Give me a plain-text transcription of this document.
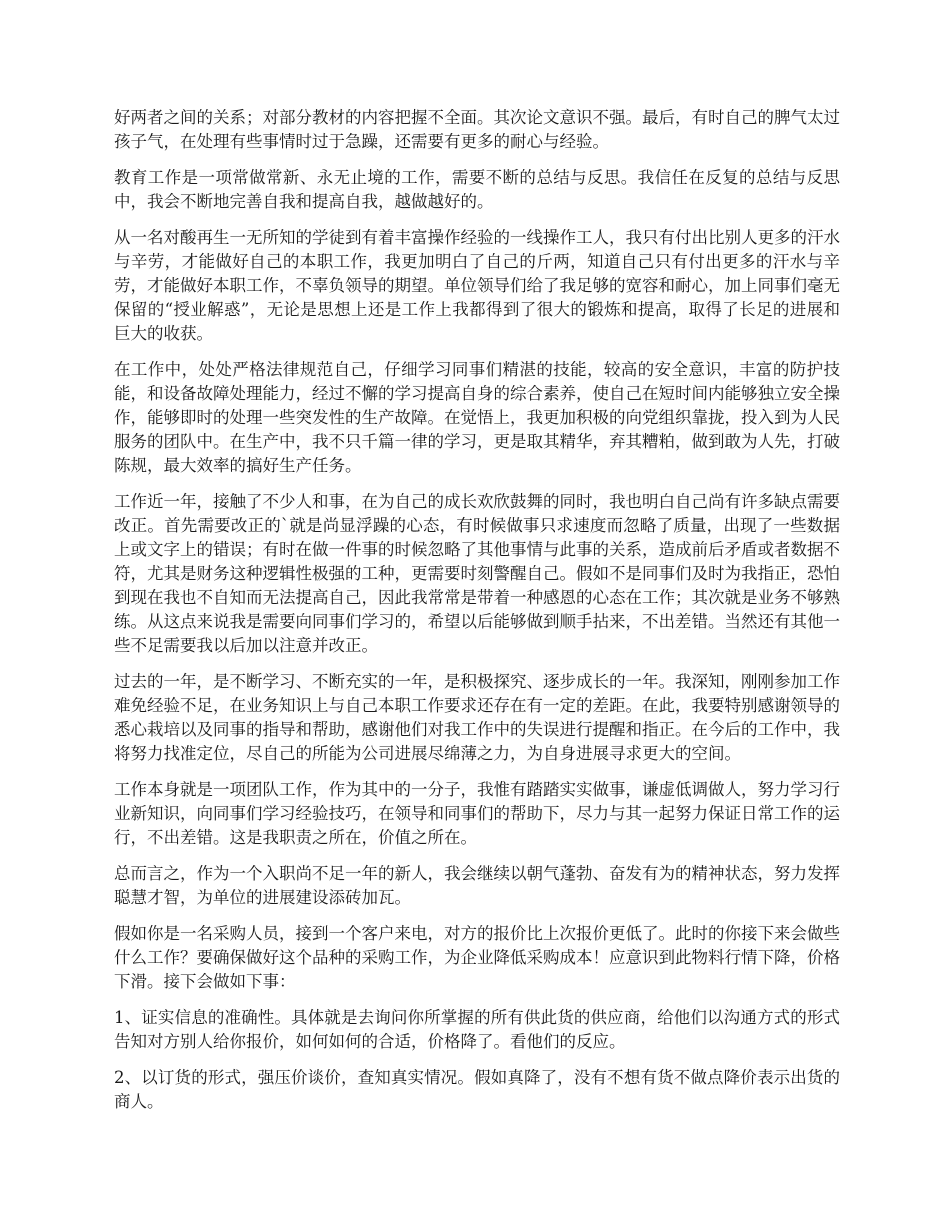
好两者之间的关系；对部分教材的内容把握不全面。其次论文意识不强。最后，有时自己的脾气太过孩子气，在处理有些事情时过于急躁，还需要有更多的耐心与经验。

教育工作是一项常做常新、永无止境的工作，需要不断的总结与反思。我信任在反复的总结与反思中，我会不断地完善自我和提高自我，越做越好的。

从一名对酸再生一无所知的学徒到有着丰富操作经验的一线操作工人，我只有付出比别人更多的汗水与辛劳，才能做好自己的本职工作，我更加明白了自己的斤两，知道自己只有付出更多的汗水与辛劳，才能做好本职工作，不辜负领导的期望。单位领导们给了我足够的宽容和耐心，加上同事们毫无保留的“授业解惑”，无论是思想上还是工作上我都得到了很大的锻炼和提高，取得了长足的进展和巨大的收获。

在工作中，处处严格法律规范自己，仔细学习同事们精湛的技能，较高的安全意识，丰富的防护技能，和设备故障处理能力，经过不懈的学习提高自身的综合素养，使自己在短时间内能够独立安全操作，能够即时的处理一些突发性的生产故障。在觉悟上，我更加积极的向党组织靠拢，投入到为人民服务的团队中。在生产中，我不只千篇一律的学习，更是取其精华，弃其糟粕，做到敢为人先，打破陈规，最大效率的搞好生产任务。

工作近一年，接触了不少人和事，在为自己的成长欢欣鼓舞的同时，我也明白自己尚有许多缺点需要改正。首先需要改正的`就是尚显浮躁的心态，有时候做事只求速度而忽略了质量，出现了一些数据上或文字上的错误；有时在做一件事的时候忽略了其他事情与此事的关系，造成前后矛盾或者数据不符，尤其是财务这种逻辑性极强的工种，更需要时刻警醒自己。假如不是同事们及时为我指正，恐怕到现在我也不自知而无法提高自己，因此我常常是带着一种感恩的心态在工作；其次就是业务不够熟练。从这点来说我是需要向同事们学习的，希望以后能够做到顺手拈来，不出差错。当然还有其他一些不足需要我以后加以注意并改正。

过去的一年，是不断学习、不断充实的一年，是积极探究、逐步成长的一年。我深知，刚刚参加工作难免经验不足，在业务知识上与自己本职工作要求还存在有一定的差距。在此，我要特别感谢领导的悉心栽培以及同事的指导和帮助，感谢他们对我工作中的失误进行提醒和指正。在今后的工作中，我将努力找准定位，尽自己的所能为公司进展尽绵薄之力，为自身进展寻求更大的空间。

工作本身就是一项团队工作，作为其中的一分子，我惟有踏踏实实做事，谦虚低调做人，努力学习行业新知识，向同事们学习经验技巧，在领导和同事们的帮助下，尽力与其一起努力保证日常工作的运行，不出差错。这是我职责之所在，价值之所在。

总而言之，作为一个入职尚不足一年的新人，我会继续以朝气蓬勃、奋发有为的精神状态，努力发挥聪慧才智，为单位的进展建设添砖加瓦。

假如你是一名采购人员，接到一个客户来电，对方的报价比上次报价更低了。此时的你接下来会做些什么工作？要确保做好这个品种的采购工作，为企业降低采购成本！应意识到此物料行情下降，价格下滑。接下会做如下事：

1、证实信息的准确性。具体就是去询问你所掌握的所有供此货的供应商，给他们以沟通方式的形式告知对方别人给你报价，如何如何的合适，价格降了。看他们的反应。

2、以订货的形式，强压价谈价，查知真实情况。假如真降了，没有不想有货不做点降价表示出货的商人。
